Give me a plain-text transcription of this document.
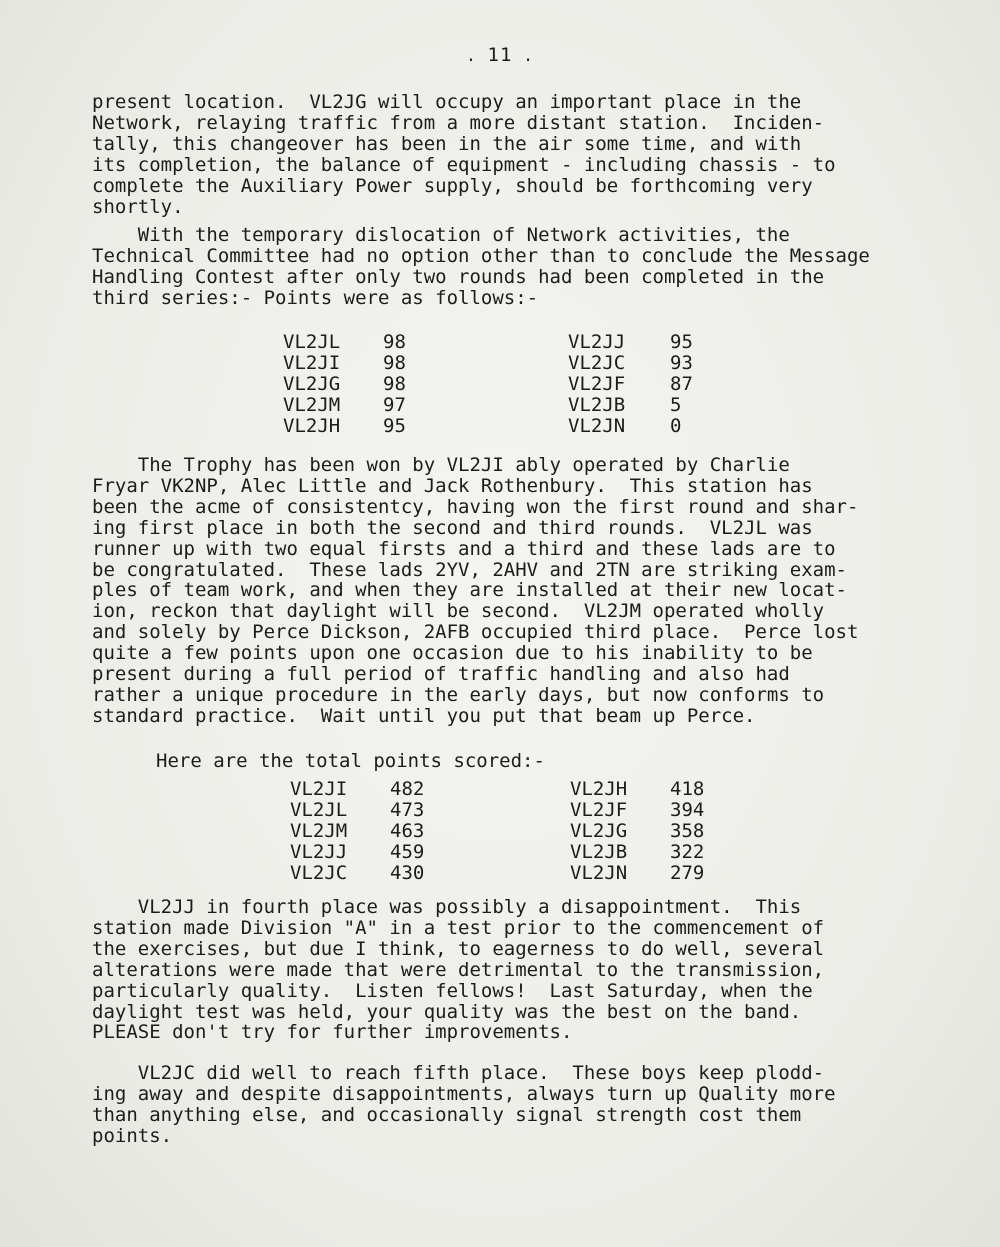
․ 11 ․

present location.  VL2JG will occupy an important place in the
Network, relaying traffic from a more distant station.  Inciden-
tally, this changeover has been in the air some time, and with
its completion, the balance of equipment - including chassis - to
complete the Auxiliary Power supply, should be forthcoming very
shortly.

With the temporary dislocation of Network activities, the
Technical Committee had no option other than to conclude the Message
Handling Contest after only two rounds had been completed in the
third series:- Points were as follows:-

VL2JL	98	VL2JJ	95
VL2JI	98	VL2JC	93
VL2JG	98	VL2JF	87
VL2JM	97	VL2JB	5
VL2JH	95	VL2JN	0

The Trophy has been won by VL2JI ably operated by Charlie
Fryar VK2NP, Alec Little and Jack Rothenbury.  This station has
been the acme of consistentcy, having won the first round and shar-
ing first place in both the second and third rounds.  VL2JL was
runner up with two equal firsts and a third and these lads are to
be congratulated.  These lads 2YV, 2AHV and 2TN are striking exam-
ples of team work, and when they are installed at their new locat-
ion, reckon that daylight will be second.  VL2JM operated wholly
and solely by Perce Dickson, 2AFB occupied third place.  Perce lost
quite a few points upon one occasion due to his inability to be
present during a full period of traffic handling and also had
rather a unique procedure in the early days, but now conforms to
standard practice.  Wait until you put that beam up Perce.

Here are the total points scored:-
VL2JI	482	VL2JH	418
VL2JL	473	VL2JF	394
VL2JM	463	VL2JG	358
VL2JJ	459	VL2JB	322
VL2JC	430	VL2JN	279

VL2JJ in fourth place was possibly a disappointment.  This
station made Division "A" in a test prior to the commencement of
the exercises, but due I think, to eagerness to do well, several
alterations were made that were detrimental to the transmission,
particularly quality.  Listen fellows!  Last Saturday, when the
daylight test was held, your quality was the best on the band.
PLEASE don't try for further improvements.

VL2JC did well to reach fifth place.  These boys keep plodd-
ing away and despite disappointments, always turn up Quality more
than anything else, and occasionally signal strength cost them
points.
